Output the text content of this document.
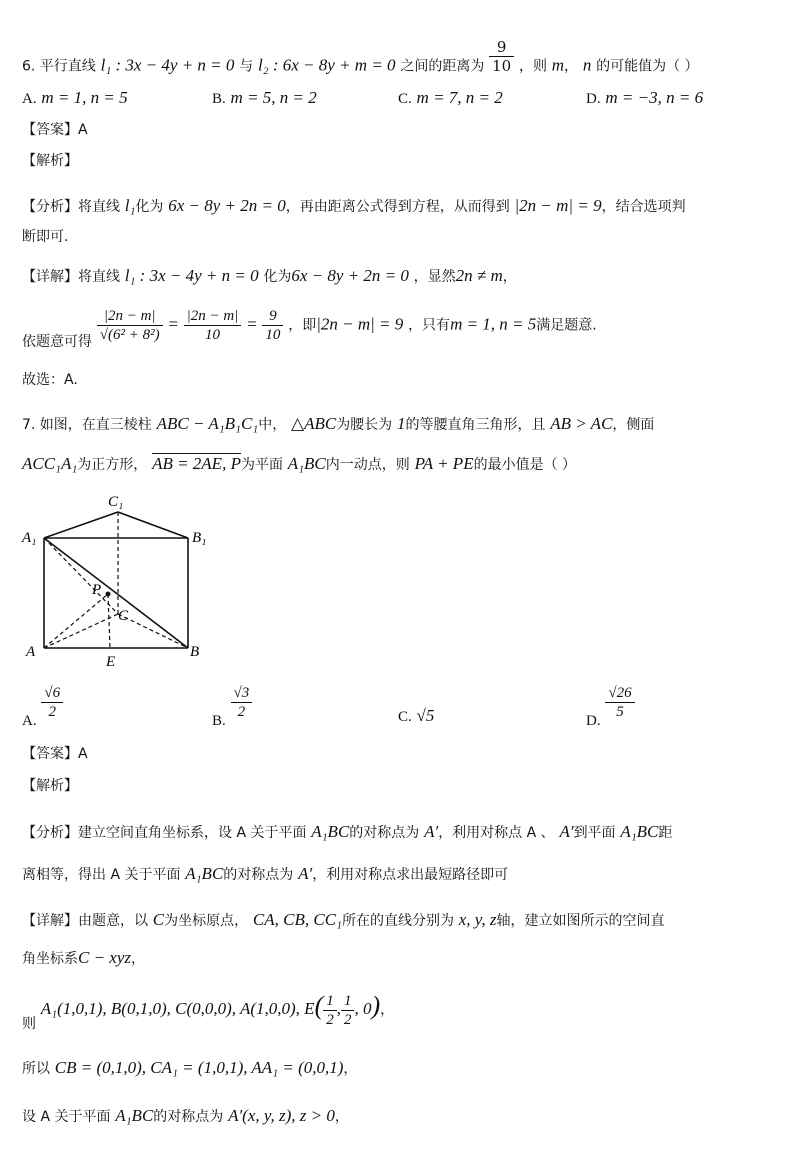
6. 平行直线 l₁ : 3x − 4y + n = 0 与 l₂ : 6x − 8y + m = 0 之间的距离为 $\frac{9}{10}$ ，则 m， n 的可能值为（ ）
A. m = 1, n = 5	B. m = 5, n = 2	C. m = 7, n = 2	D. m = −3, n = 6
【答案】A
【解析】
【分析】将直线 l₁化为 6x − 8y + 2n = 0，再由距离公式得到方程，从而得到 |2n − m| = 9，结合选项判
断即可.
【详解】将直线 l₁ : 3x − 4y + n = 0 化为6x − 8y + 2n = 0 ，显然2n ≠ m，
依题意可得 $\frac{|2n - m|}{\text{√(6² + 8²)}} = \frac{|2n - m|}{10} = \frac{9}{10}$ ，即|2n − m| = 9 ，只有m = 1, n = 5满足题意.
故选：A.
7. 如图，在直三棱柱 ABC − A₁B₁C₁中， △ABC为腰长为 1的等腰直角三角形，且 AB > AC，侧面
ACC₁A₁为正方形， AB = 2AE, P为平面 A₁BC内一动点，则 PA + PE的最小值是（ ）
C₁
A₁	B₁
P
C
A
E
B
A. $\frac{√6}{2}$	B. $\frac{√3}{2}$	C. √5	D. $\frac{√26}{5}$
【答案】A
【解析】
【分析】建立空间直角坐标系，设 A 关于平面 A₁BC的对称点为 A′，利用对称点 A 、 A′到平面 A₁BC距
离相等，得出 A 关于平面 A₁BC的对称点为 A′，利用对称点求出最短路径即可
【详解】由题意，以 C为坐标原点， CA, CB, CC₁所在的直线分别为 x, y, z轴，建立如图所示的空间直
角坐标系C − xyz，
则 A₁(1,0,1), B(0,1,0), C(0,0,0), A(1,0,0), $E( \frac{1}{2}$ , $\frac{1}{2}$ , 0)，
所以 CB = (0,1,0), CA₁ = (1,0,1), AA₁ = (0,0,1)，
设 A 关于平面 A₁BC的对称点为 A′(x, y, z), z > 0，
